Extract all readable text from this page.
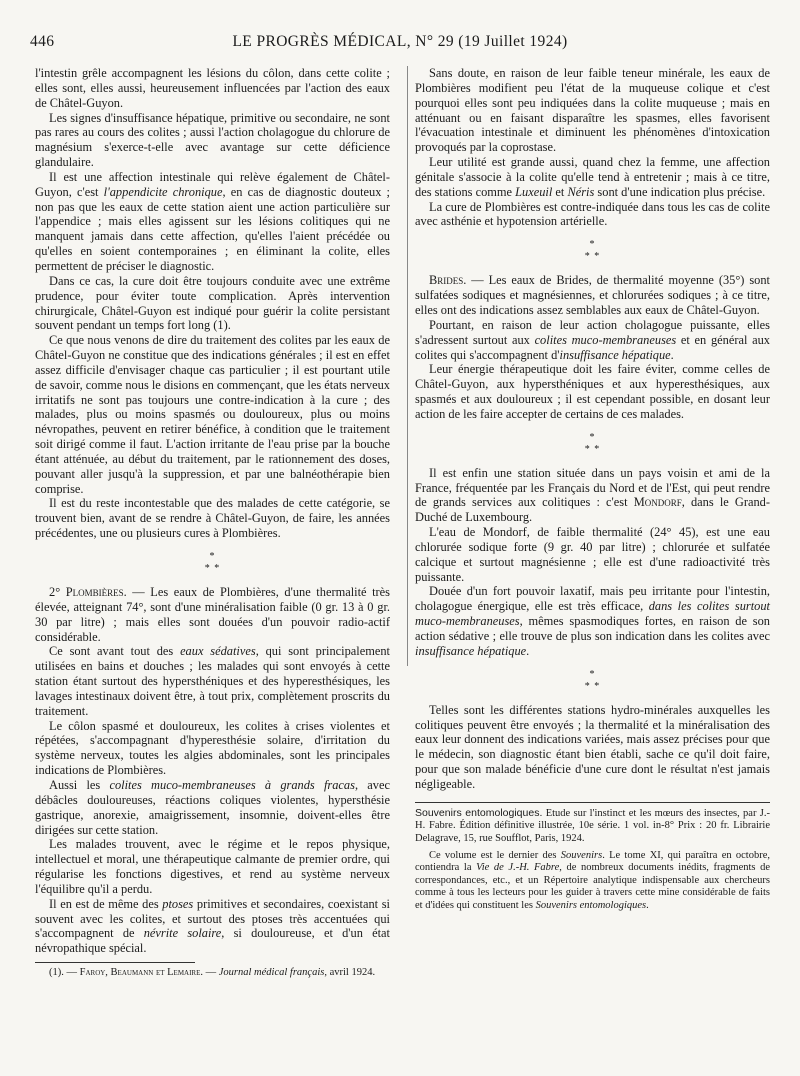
446	LE PROGRÈS MÉDICAL, N° 29 (19 Juillet 1924)

l'intestin grêle accompagnent les lésions du côlon, dans cette colite ; elles sont, elles aussi, heureusement influencées par l'action des eaux de Châtel-Guyon.

Les signes d'insuffisance hépatique, primitive ou secondaire, ne sont pas rares au cours des colites ; aussi l'action cholagogue du chlorure de magnésium s'exerce-t-elle avec avantage sur cette déficience glandulaire.

Il est une affection intestinale qui relève également de Châtel-Guyon, c'est l'appendicite chronique, en cas de diagnostic douteux ; non pas que les eaux de cette station aient une action particulière sur l'appendice ; mais elles agissent sur les lésions colitiques qui ne manquent jamais dans cette affection, qu'elles l'aient précédée ou qu'elles en soient contemporaines ; en éliminant la colite, elles permettent de préciser le diagnostic.

Dans ce cas, la cure doit être toujours conduite avec une extrême prudence, pour éviter toute complication. Après intervention chirurgicale, Châtel-Guyon est indiqué pour guérir la colite persistant souvent pendant un temps fort long (1).

Ce que nous venons de dire du traitement des colites par les eaux de Châtel-Guyon ne constitue que des indications générales ; il est en effet assez difficile d'envisager chaque cas particulier ; il est pourtant utile de savoir, comme nous le disions en commençant, que les états nerveux irritatifs ne sont pas toujours une contre-indication à la cure ; des malades, plus ou moins spasmés ou douloureux, plus ou moins névropathes, peuvent en retirer bénéfice, à condition que le traitement soit dirigé comme il faut. L'action irritante de l'eau prise par la bouche étant atténuée, au début du traitement, par le rationnement des doses, pouvant aller jusqu'à la suppression, et par une balnéothérapie bien comprise.

Il est du reste incontestable que des malades de cette catégorie, se trouvent bien, avant de se rendre à Châtel-Guyon, de faire, les années précédentes, une ou plusieurs cures à Plombières.

*
* *

2° Plombières. — Les eaux de Plombières, d'une thermalité très élevée, atteignant 74°, sont d'une minéralisation faible (0 gr. 13 à 0 gr. 30 par litre) ; mais elles sont douées d'un pouvoir radio-actif considérable.

Ce sont avant tout des eaux sédatives, qui sont principalement utilisées en bains et douches ; les malades qui sont envoyés à cette station étant surtout des hypersthéniques et des hyperesthésiques, les lavages intestinaux doivent être, à tout prix, complètement proscrits du traitement.

Le côlon spasmé et douloureux, les colites à crises violentes et répétées, s'accompagnant d'hyperesthésie solaire, d'irritation du système nerveux, toutes les algies abdominales, sont les principales indications de Plombières.

Aussi les colites muco-membraneuses à grands fracas, avec débâcles douloureuses, réactions coliques violentes, hypersthésie gastrique, anorexie, amaigrissement, insomnie, doivent-elles être dirigées sur cette station.

Les malades trouvent, avec le régime et le repos physique, intellectuel et moral, une thérapeutique calmante de premier ordre, qui régularise les fonctions digestives, et rend au système nerveux l'équilibre qu'il a perdu.

Il en est de même des ptoses primitives et secondaires, coexistant si souvent avec les colites, et surtout des ptoses très accentuées qui s'accompagnent de névrite solaire, si douloureuse, et d'un état névropathique spécial.

(1). — Faroy, Beaumann et Lemaire. — Journal médical français, avril 1924.

Sans doute, en raison de leur faible teneur minérale, les eaux de Plombières modifient peu l'état de la muqueuse colique et c'est pourquoi elles sont peu indiquées dans la colite muqueuse ; mais en atténuant ou en faisant disparaître les spasmes, elles favorisent l'évacuation intestinale et diminuent les phénomènes d'intoxication provoqués par la coprostase.

Leur utilité est grande aussi, quand chez la femme, une affection génitale s'associe à la colite qu'elle tend à entretenir ; mais à ce titre, des stations comme Luxeuil et Néris sont d'une indication plus précise.

La cure de Plombières est contre-indiquée dans tous les cas de colite avec asthénie et hypotension artérielle.

*
* *

Brides. — Les eaux de Brides, de thermalité moyenne (35°) sont sulfatées sodiques et magnésiennes, et chlorurées sodiques ; à ce titre, elles ont des indications assez semblables aux eaux de Châtel-Guyon.

Pourtant, en raison de leur action cholagogue puissante, elles s'adressent surtout aux colites muco-membraneuses et en général aux colites qui s'accompagnent d'insuffisance hépatique.

Leur énergie thérapeutique doit les faire éviter, comme celles de Châtel-Guyon, aux hypersthéniques et aux hyperesthésiques, aux spasmés et aux douloureux ; il est cependant possible, en dosant leur action de les faire accepter de certains de ces malades.

*
* *

Il est enfin une station située dans un pays voisin et ami de la France, fréquentée par les Français du Nord et de l'Est, qui peut rendre de grands services aux colitiques : c'est Mondorf, dans le Grand-Duché de Luxembourg.

L'eau de Mondorf, de faible thermalité (24° 45), est une eau chlorurée sodique forte (9 gr. 40 par litre) ; chlorurée et sulfatée calcique et surtout magnésienne ; elle est d'une radioactivité très puissante.

Douée d'un fort pouvoir laxatif, mais peu irritante pour l'intestin, cholagogue énergique, elle est très efficace, dans les colites surtout muco-membraneuses, mêmes spasmodiques fortes, en raison de son action sédative ; elle trouve de plus son indication dans les colites avec insuffisance hépatique.

*
* *

Telles sont les différentes stations hydro-minérales auxquelles les colitiques peuvent être envoyés ; la thermalité et la minéralisation des eaux leur donnent des indications variées, mais assez précises pour que le médecin, son diagnostic étant bien établi, sache ce qu'il doit faire, pour que son malade bénéficie d'une cure dont le résultat n'est jamais négligeable.

Souvenirs entomologiques. Etude sur l'instinct et les mœurs des insectes, par J.-H. Fabre. Édition définitive illustrée, 10e série. 1 vol. in-8° Prix : 20 fr. Librairie Delagrave, 15, rue Soufflot, Paris, 1924.

Ce volume est le dernier des Souvenirs. Le tome XI, qui paraîtra en octobre, contiendra la Vie de J.-H. Fabre, de nombreux documents inédits, fragments de correspondances, etc., et un Répertoire analytique indispensable aux chercheurs comme à tous les lecteurs pour les guider à travers cette mine considérable de faits et d'idées qui constituent les Souvenirs entomologiques.
